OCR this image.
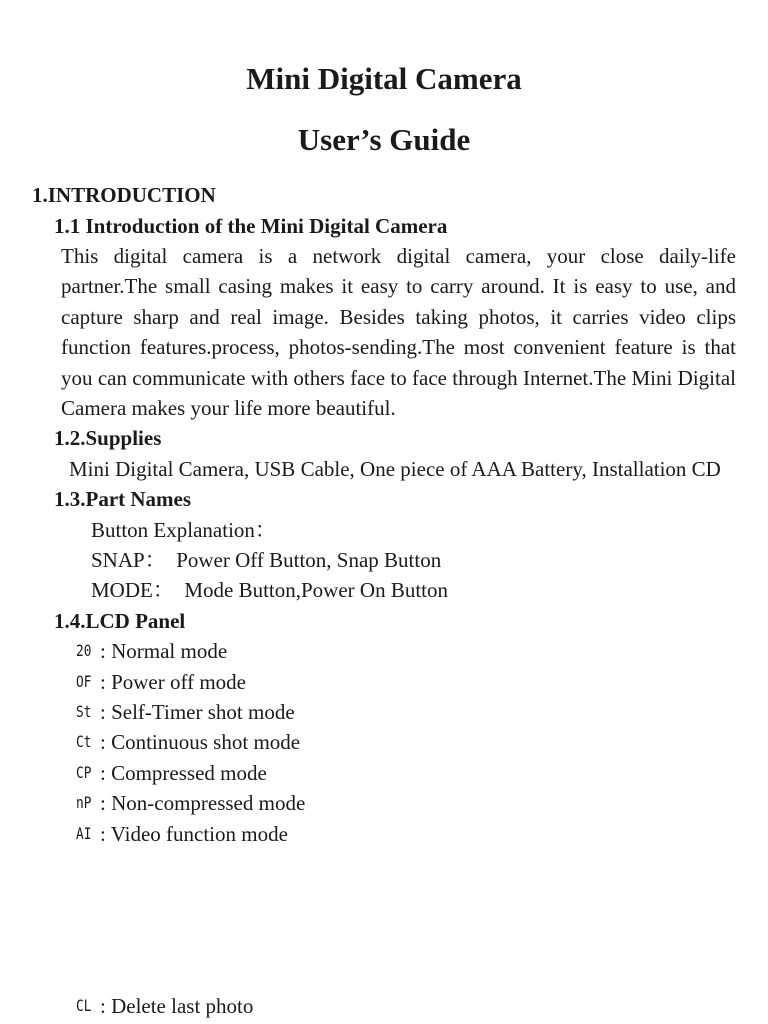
Mini Digital Camera
User’s Guide
1.INTRODUCTION
1.1 Introduction of the Mini Digital Camera
This digital camera is a network digital camera, your close daily-life partner.The small casing makes it easy to carry around. It is easy to use, and capture sharp and real image. Besides taking photos, it carries video clips function features.process, photos-sending.The most convenient feature is that you can communicate with others face to face through Internet.The Mini Digital Camera makes your life more beautiful.
1.2.Supplies
Mini Digital Camera, USB Cable, One piece of AAA Battery, Installation CD
1.3.Part Names
Button Explanation：
SNAP：  Power Off Button, Snap Button
MODE：  Mode Button,Power On Button
1.4.LCD Panel
20 : Normal mode
OF : Power off mode
St : Self-Timer shot mode
Ct : Continuous shot mode
CP : Compressed mode
nP : Non-compressed mode
AI : Video function mode
CL : Delete last photo
